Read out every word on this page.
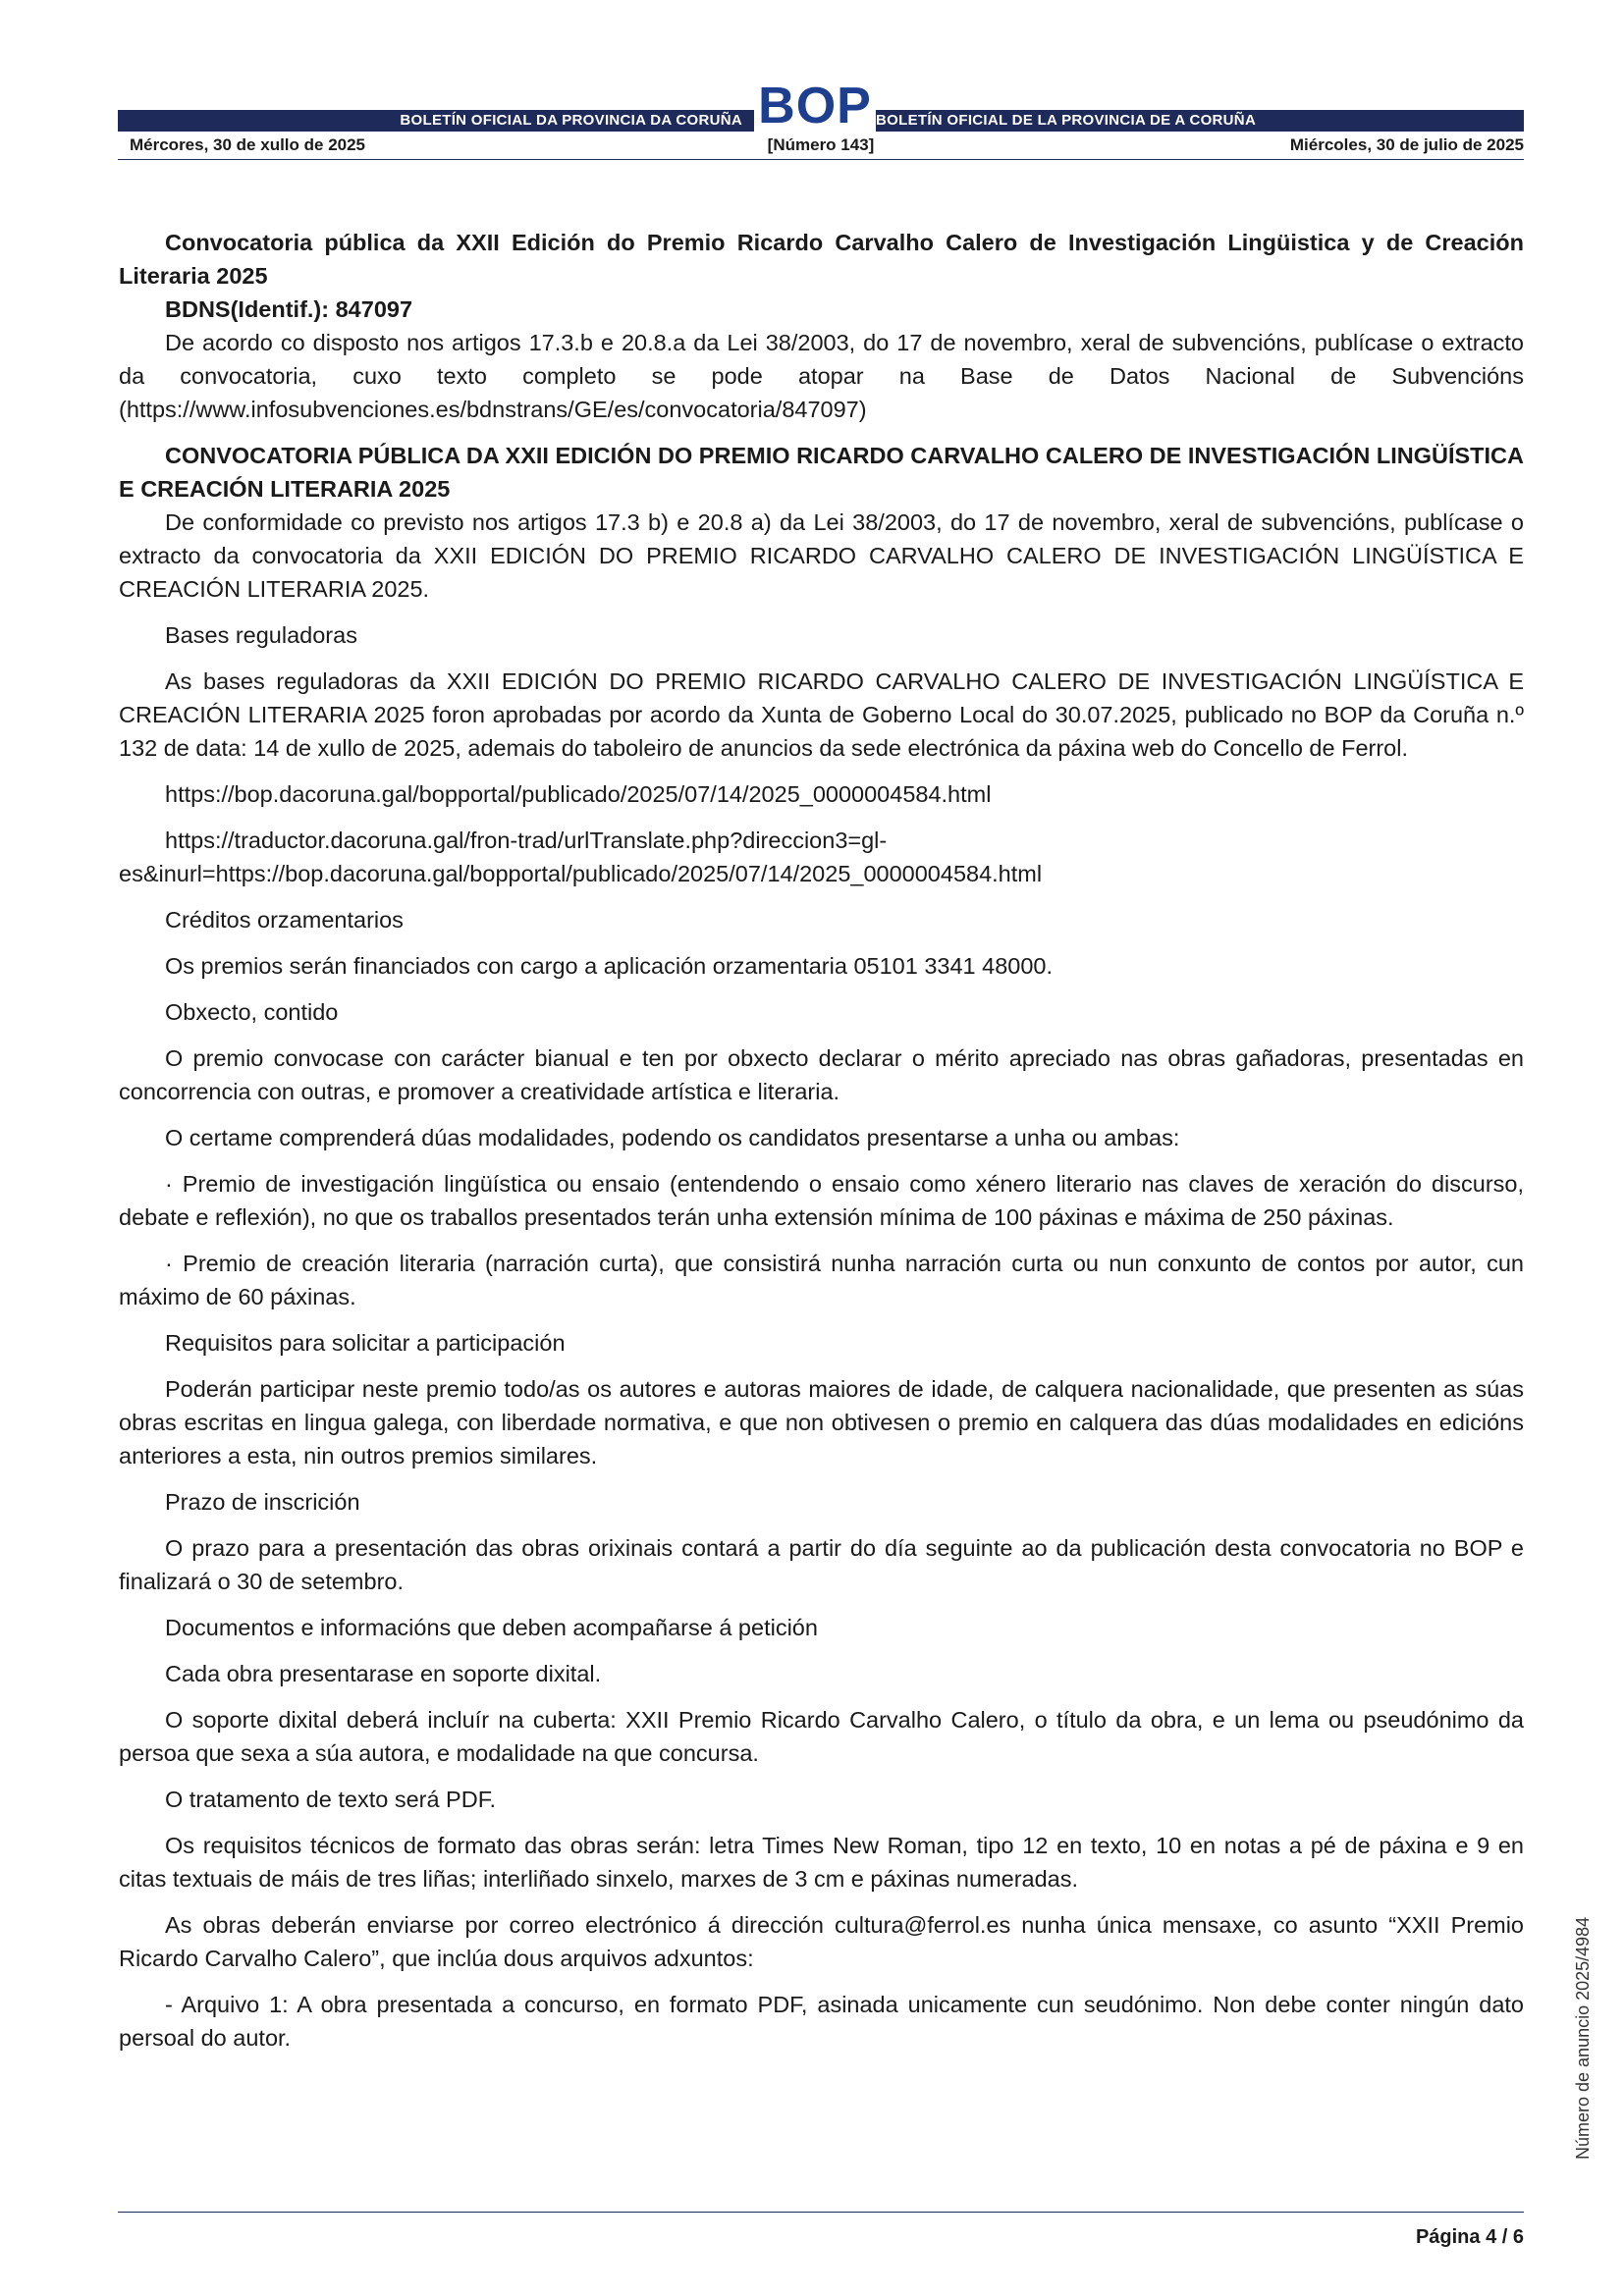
BOLETÍN OFICIAL DA PROVINCIA DA CORUÑA BOP BOLETÍN OFICIAL DE LA PROVINCIA DE A CORUÑA
Mércores, 30 de xullo de 2025	[Número 143]	Miércoles, 30 de julio de 2025

Convocatoria pública da XXII Edición do Premio Ricardo Carvalho Calero de Investigación Lingüistica y de Creación Literaria 2025

BDNS(Identif.): 847097

De acordo co disposto nos artigos 17.3.b e 20.8.a da Lei 38/2003, do 17 de novembro, xeral de subvencións, publícase o extracto da convocatoria, cuxo texto completo se pode atopar na Base de Datos Nacional de Subvencións (https://www.infosubvenciones.es/bdnstrans/GE/es/convocatoria/847097)

CONVOCATORIA PÚBLICA DA XXII EDICIÓN DO PREMIO RICARDO CARVALHO CALERO DE INVESTIGACIÓN LINGÜÍSTICA E CREACIÓN LITERARIA 2025

De conformidade co previsto nos artigos 17.3 b) e 20.8 a) da Lei 38/2003, do 17 de novembro, xeral de subvencións, publícase o extracto da convocatoria da XXII EDICIÓN DO PREMIO RICARDO CARVALHO CALERO DE INVESTIGACIÓN LINGÜÍSTICA E CREACIÓN LITERARIA 2025.

Bases reguladoras

As bases reguladoras da XXII EDICIÓN DO PREMIO RICARDO CARVALHO CALERO DE INVESTIGACIÓN LINGÜÍSTICA E CREACIÓN LITERARIA 2025 foron aprobadas por acordo da Xunta de Goberno Local do 30.07.2025, publicado no BOP da Coruña n.º 132 de data: 14 de xullo de 2025, ademais do taboleiro de anuncios da sede electrónica da páxina web do Concello de Ferrol.

https://bop.dacoruna.gal/bopportal/publicado/2025/07/14/2025_0000004584.html

https://traductor.dacoruna.gal/fron-trad/urlTranslate.php?direccion3=gl-es&inurl=https://bop.dacoruna.gal/bopportal/publicado/2025/07/14/2025_0000004584.html

Créditos orzamentarios

Os premios serán financiados con cargo a aplicación orzamentaria 05101 3341 48000.

Obxecto, contido

O premio convocase con carácter bianual e ten por obxecto declarar o mérito apreciado nas obras gañadoras, presentadas en concorrencia con outras, e promover a creatividade artística e literaria.

O certame comprenderá dúas modalidades, podendo os candidatos presentarse a unha ou ambas:

· Premio de investigación lingüística ou ensaio (entendendo o ensaio como xénero literario nas claves de xeración do discurso, debate e reflexión), no que os traballos presentados terán unha extensión mínima de 100 páxinas e máxima de 250 páxinas.

· Premio de creación literaria (narración curta), que consistirá nunha narración curta ou nun conxunto de contos por autor, cun máximo de 60 páxinas.

Requisitos para solicitar a participación

Poderán participar neste premio todo/as os autores e autoras maiores de idade, de calquera nacionalidade, que presenten as súas obras escritas en lingua galega, con liberdade normativa, e que non obtivesen o premio en calquera das dúas modalidades en edicións anteriores a esta, nin outros premios similares.

Prazo de inscrición

O prazo para a presentación das obras orixinais contará a partir do día seguinte ao da publicación desta convocatoria no BOP e finalizará o 30 de setembro.

Documentos e informacións que deben acompañarse á petición

Cada obra presentarase en soporte dixital.

O soporte dixital deberá incluír na cuberta: XXII Premio Ricardo Carvalho Calero, o título da obra, e un lema ou pseudónimo da persoa que sexa a súa autora, e modalidade na que concursa.

O tratamento de texto será PDF.

Os requisitos técnicos de formato das obras serán: letra Times New Roman, tipo 12 en texto, 10 en notas a pé de páxina e 9 en citas textuais de máis de tres liñas; interliñado sinxelo, marxes de 3 cm e páxinas numeradas.

As obras deberán enviarse por correo electrónico á dirección cultura@ferrol.es nunha única mensaxe, co asunto “XXII Premio Ricardo Carvalho Calero”, que inclúa dous arquivos adxuntos:

- Arquivo 1: A obra presentada a concurso, en formato PDF, asinada unicamente cun seudónimo. Non debe conter ningún dato persoal do autor.	Número de anuncio 2025/4984
Página 4 / 6
